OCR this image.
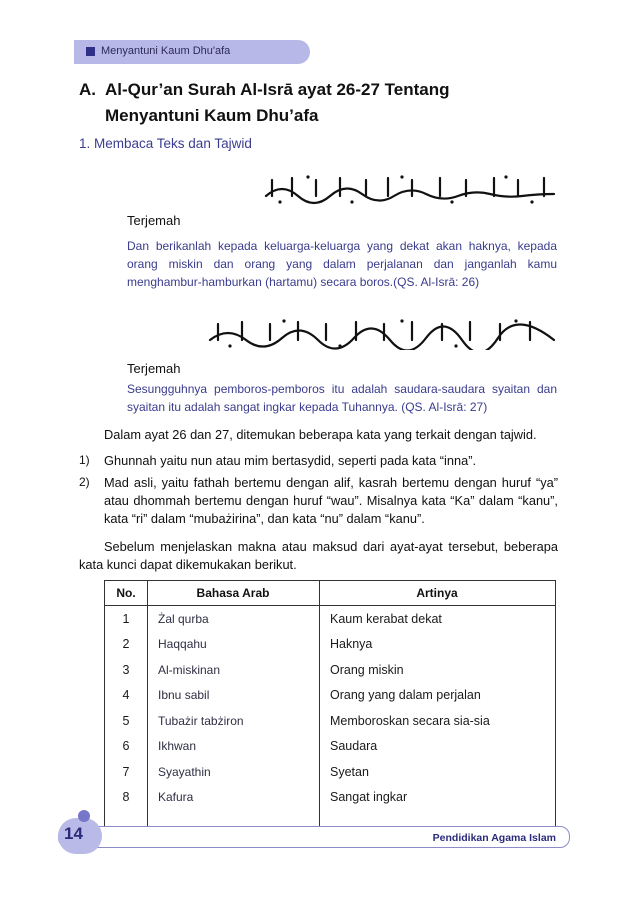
Menyantuni Kaum Dhu'afa
A. Al-Qur’an Surah Al-Isrā ayat 26-27 Tentang
Menyantuni Kaum Dhu’afa
1. Membaca Teks dan Tajwid
Terjemah
Dan berikanlah kepada keluarga-keluarga yang dekat akan haknya, kepada orang miskin dan orang yang dalam perjalanan dan janganlah kamu menghambur-hamburkan (hartamu) secara boros.(QS. Al-Isrā: 26)
Terjemah
Sesungguhnya pemboros-pemboros itu adalah saudara-saudara syaitan dan syaitan itu adalah sangat ingkar kepada Tuhannya. (QS. Al-Isrā: 27)
Dalam ayat 26 dan 27, ditemukan beberapa kata yang terkait dengan tajwid.
1) Ghunnah yaitu nun atau mim bertasydid, seperti pada kata “inna”.
2) Mad asli, yaitu fathah bertemu dengan alif, kasrah bertemu dengan huruf “ya” atau dhommah bertemu dengan huruf “wau”. Misalnya kata “Ka” dalam “kanu”, kata “ri” dalam “mubażirina”, dan kata “nu” dalam “kanu”.
Sebelum menjelaskan makna atau maksud dari ayat-ayat tersebut, beberapa kata kunci dapat dikemukakan berikut.
No.	Bahasa Arab	Artinya
1	Żal qurba	Kaum kerabat dekat
2	Haqqahu	Haknya
3	Al-miskinan	Orang miskin
4	Ibnu sabil	Orang yang dalam perjalan
5	Tubażir tabżiron	Memboroskan secara sia-sia
6	Ikhwan	Saudara
7	Syayathin	Syetan
8	Kafura	Sangat ingkar
14	Pendidikan Agama Islam
